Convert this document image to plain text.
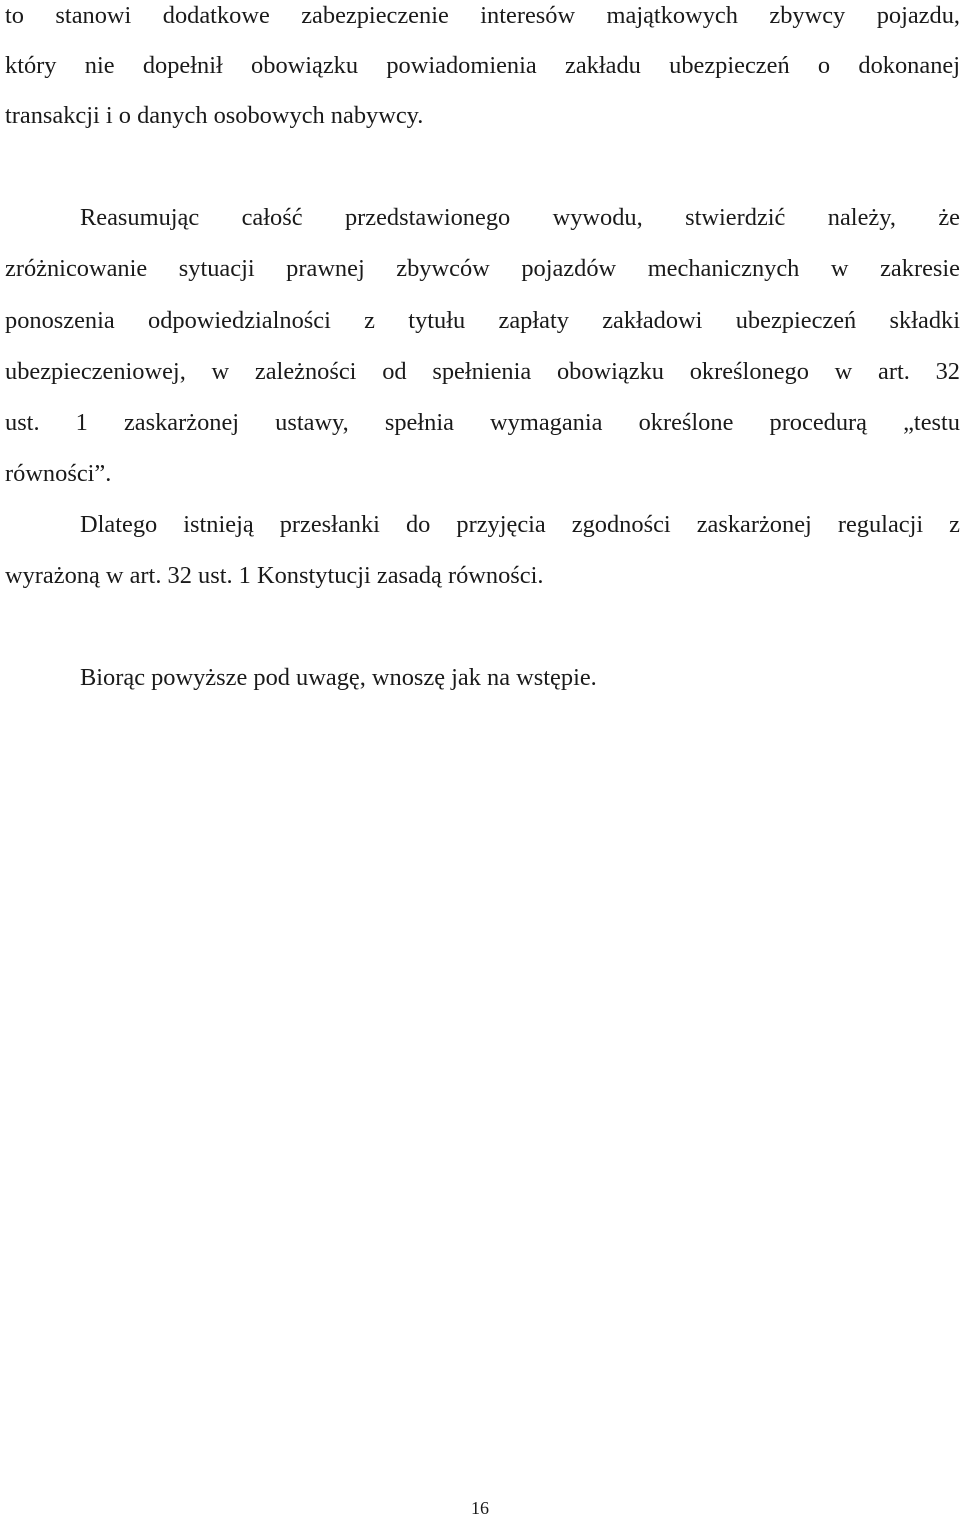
to stanowi dodatkowe zabezpieczenie interesów majątkowych zbywcy pojazdu,

który nie dopełnił obowiązku powiadomienia zakładu ubezpieczeń o dokonanej

transakcji i o danych osobowych nabywcy.

Reasumując całość przedstawionego wywodu, stwierdzić należy, że

zróżnicowanie sytuacji prawnej zbywców pojazdów mechanicznych w zakresie

ponoszenia odpowiedzialności z tytułu zapłaty zakładowi ubezpieczeń składki

ubezpieczeniowej, w zależności od spełnienia obowiązku określonego w art. 32

ust. 1 zaskarżonej ustawy, spełnia wymagania określone procedurą „testu

równości”.

Dlatego istnieją przesłanki do przyjęcia zgodności zaskarżonej regulacji z

wyrażoną w art. 32 ust. 1 Konstytucji zasadą równości.

Biorąc powyższe pod uwagę, wnoszę jak na wstępie.

16
